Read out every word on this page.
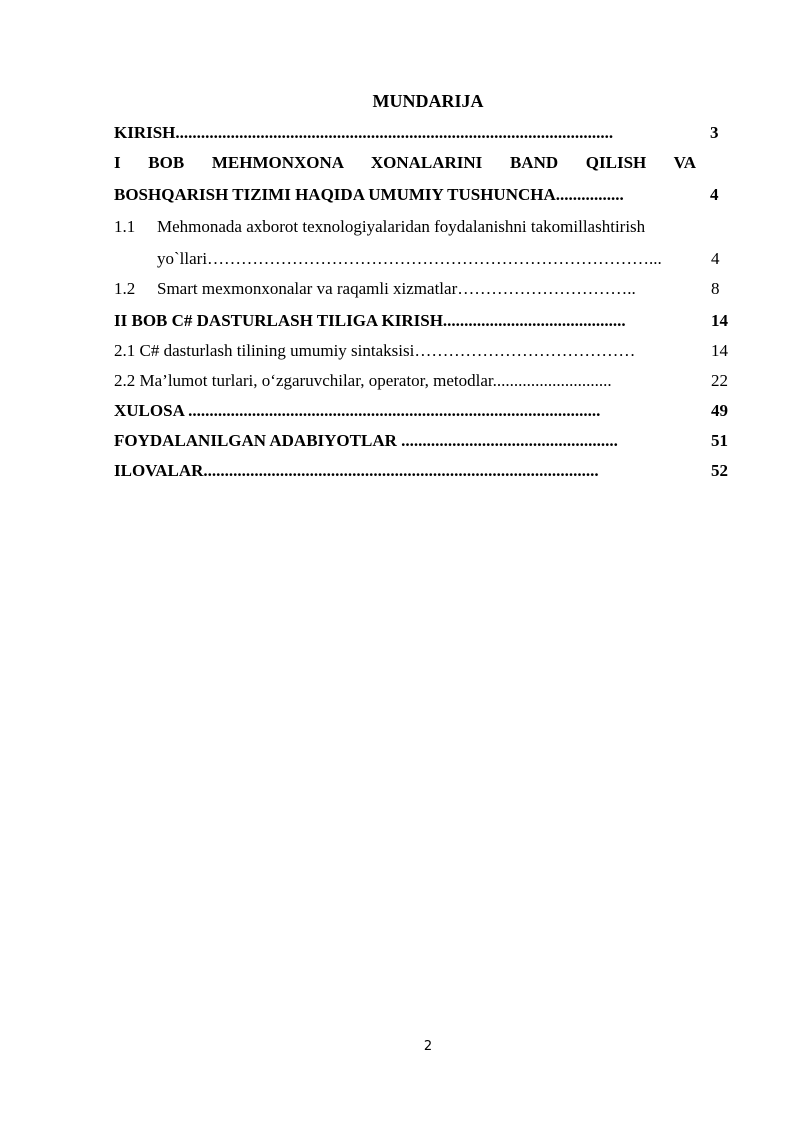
MUNDARIJA
KIRISH.......................................................................................................	3
I BOB MEHMONXONA XONALARINI BAND QILISH VA
BOSHQARISH TIZIMI HAQIDA UMUMIY TUSHUNCHA................	4
1.1 Mehmonada axborot texnologiyalaridan foydalanishni takomillashtirish
yo`llari……………………………………………………………………...	4
1.2 Smart mexmonxonalar va raqamli xizmatlar…………………………..	8
II BOB C# DASTURLASH TILIGA KIRISH...........................................	14
2.1 C# dasturlash tilining umumiy sintaksisi…………………………………	14
2.2 Ma’lumot turlari, o‘zgaruvchilar, operator, metodlar............................	22
XULOSA .................................................................................................	49
FOYDALANILGAN ADABIYOTLAR ...................................................	51
ILOVALAR.............................................................................................	52
2
